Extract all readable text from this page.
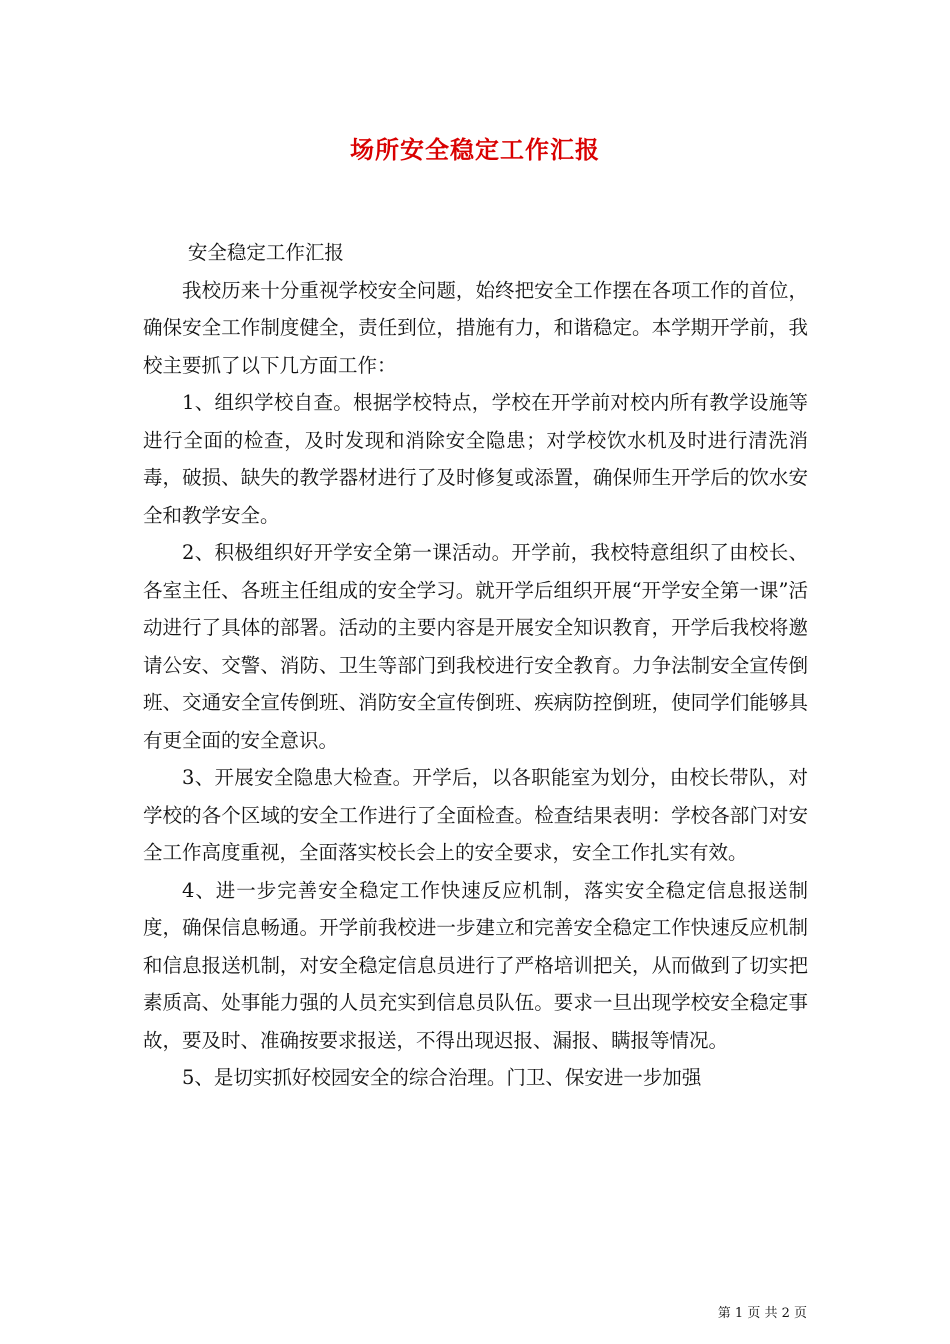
场所安全稳定工作汇报

安全稳定工作汇报

我校历来十分重视学校安全问题，始终把安全工作摆在各项工作的首位，确保安全工作制度健全，责任到位，措施有力，和谐稳定。本学期开学前，我校主要抓了以下几方面工作：

1、组织学校自查。根据学校特点，学校在开学前对校内所有教学设施等进行全面的检查，及时发现和消除安全隐患；对学校饮水机及时进行清洗消毒，破损、缺失的教学器材进行了及时修复或添置，确保师生开学后的饮水安全和教学安全。

2、积极组织好开学安全第一课活动。开学前，我校特意组织了由校长、各室主任、各班主任组成的安全学习。就开学后组织开展“开学安全第一课”活动进行了具体的部署。活动的主要内容是开展安全知识教育，开学后我校将邀请公安、交警、消防、卫生等部门到我校进行安全教育。力争法制安全宣传倒班、交通安全宣传倒班、消防安全宣传倒班、疾病防控倒班，使同学们能够具有更全面的安全意识。

3、开展安全隐患大检查。开学后，以各职能室为划分，由校长带队，对学校的各个区域的安全工作进行了全面检查。检查结果表明：学校各部门对安全工作高度重视，全面落实校长会上的安全要求，安全工作扎实有效。

4、进一步完善安全稳定工作快速反应机制，落实安全稳定信息报送制度，确保信息畅通。开学前我校进一步建立和完善安全稳定工作快速反应机制和信息报送机制，对安全稳定信息员进行了严格培训把关，从而做到了切实把素质高、处事能力强的人员充实到信息员队伍。要求一旦出现学校安全稳定事故，要及时、准确按要求报送，不得出现迟报、漏报、瞒报等情况。

5、是切实抓好校园安全的综合治理。门卫、保安进一步加强

第 1 页 共 2 页
